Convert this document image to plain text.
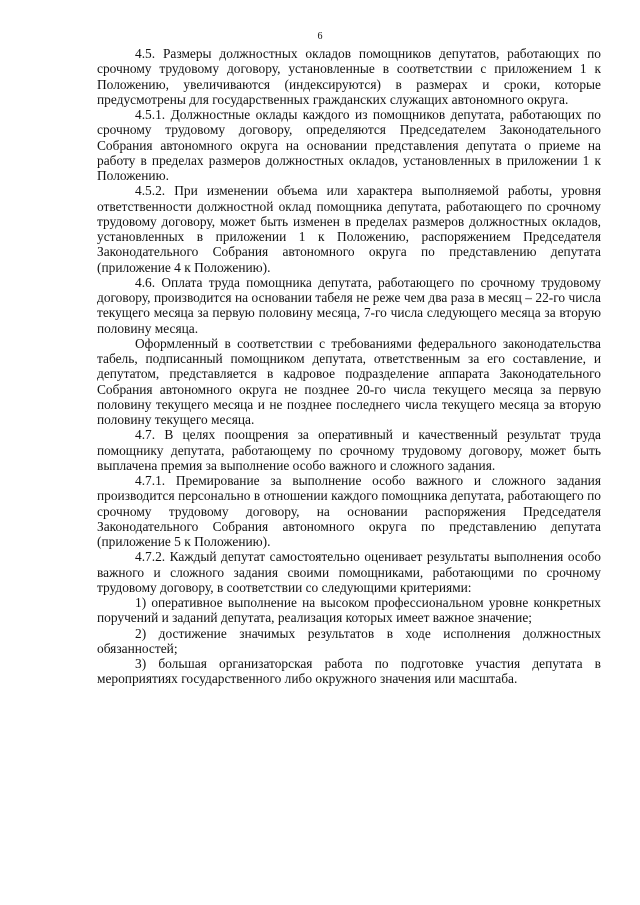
6

4.5. Размеры должностных окладов помощников депутатов, работающих по срочному трудовому договору, установленные в соответствии с приложением 1 к Положению, увеличиваются (индексируются) в размерах и сроки, которые предусмотрены для государственных гражданских служащих автономного округа.

4.5.1. Должностные оклады каждого из помощников депутата, работающих по срочному трудовому договору, определяются Председателем Законодательного Собрания автономного округа на основании представления депутата о приеме на работу в пределах размеров должностных окладов, установленных в приложении 1 к Положению.

4.5.2. При изменении объема или характера выполняемой работы, уровня ответственности должностной оклад помощника депутата, работающего по срочному трудовому договору, может быть изменен в пределах размеров должностных окладов, установленных в приложении 1 к Положению, распоряжением Председателя Законодательного Собрания автономного округа по представлению депутата (приложение 4 к Положению).

4.6. Оплата труда помощника депутата, работающего по срочному трудовому договору, производится на основании табеля не реже чем два раза в месяц – 22-го числа текущего месяца за первую половину месяца, 7-го числа следующего месяца за вторую половину месяца.

Оформленный в соответствии с требованиями федерального законодательства табель, подписанный помощником депутата, ответственным за его составление, и депутатом, представляется в кадровое подразделение аппарата Законодательного Собрания автономного округа не позднее 20-го числа текущего месяца за первую половину текущего месяца и не позднее последнего числа текущего месяца за вторую половину текущего месяца.

4.7. В целях поощрения за оперативный и качественный результат труда помощнику депутата, работающему по срочному трудовому договору, может быть выплачена премия за выполнение особо важного и сложного задания.

4.7.1. Премирование за выполнение особо важного и сложного задания производится персонально в отношении каждого помощника депутата, работающего по срочному трудовому договору, на основании распоряжения Председателя Законодательного Собрания автономного округа по представлению депутата (приложение 5 к Положению).

4.7.2. Каждый депутат самостоятельно оценивает результаты выполнения особо важного и сложного задания своими помощниками, работающими по срочному трудовому договору, в соответствии со следующими критериями:

1) оперативное выполнение на высоком профессиональном уровне конкретных поручений и заданий депутата, реализация которых имеет важное значение;

2) достижение значимых результатов в ходе исполнения должностных обязанностей;

3) большая организаторская работа по подготовке участия депутата в мероприятиях государственного либо окружного значения или масштаба.
